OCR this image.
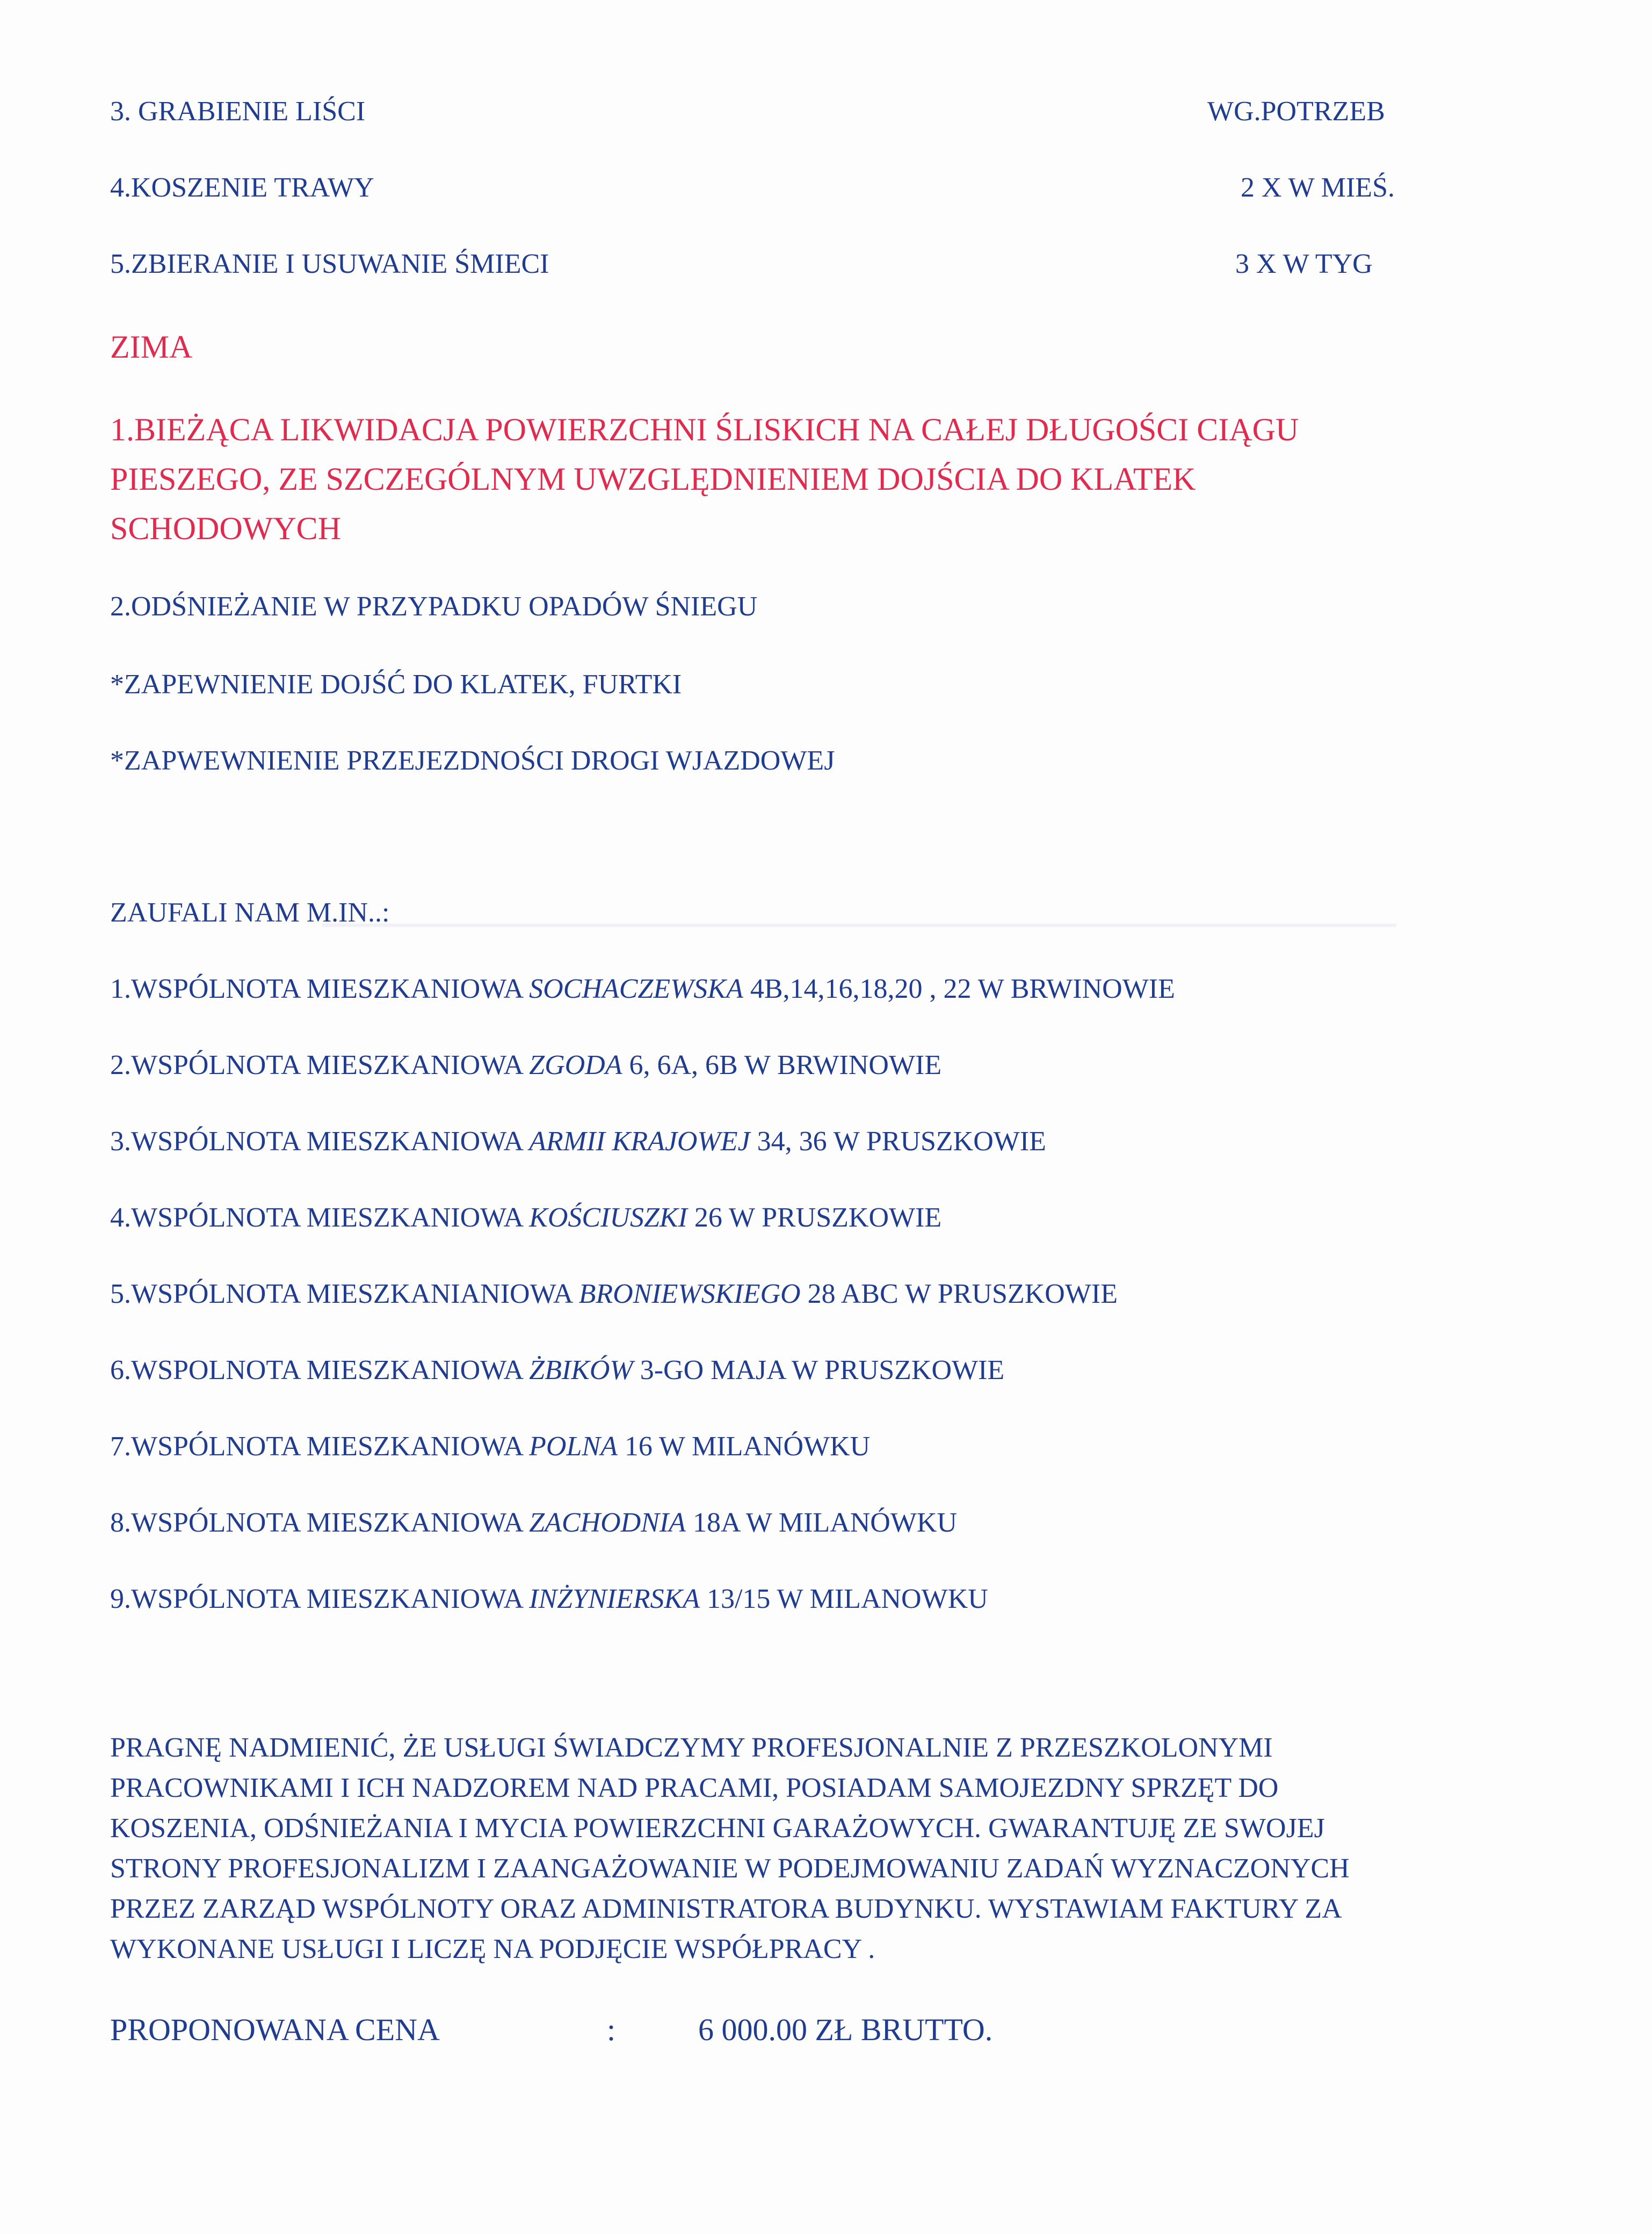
3. GRABIENIE LIŚCI	WG.POTRZEB
4.KOSZENIE TRAWY	2 X W MIEŚ.
5.ZBIERANIE I USUWANIE ŚMIECI	3 X W TYG
ZIMA
1.BIEŻĄCA LIKWIDACJA POWIERZCHNI ŚLISKICH NA CAŁEJ DŁUGOŚCI CIĄGU
PIESZEGO, ZE SZCZEGÓLNYM UWZGLĘDNIENIEM DOJŚCIA DO KLATEK
SCHODOWYCH
2.ODŚNIEŻANIE W PRZYPADKU OPADÓW ŚNIEGU
*ZAPEWNIENIE DOJŚĆ DO KLATEK, FURTKI
*ZAPWEWNIENIE PRZEJEZDNOŚCI DROGI WJAZDOWEJ
ZAUFALI NAM M.IN..:
1.WSPÓLNOTA MIESZKANIOWA SOCHACZEWSKA 4B,14,16,18,20 , 22 W BRWINOWIE
2.WSPÓLNOTA MIESZKANIOWA ZGODA 6, 6A, 6B W BRWINOWIE
3.WSPÓLNOTA MIESZKANIOWA ARMII KRAJOWEJ 34, 36 W PRUSZKOWIE
4.WSPÓLNOTA MIESZKANIOWA KOŚCIUSZKI 26 W PRUSZKOWIE
5.WSPÓLNOTA MIESZKANIANIOWA BRONIEWSKIEGO 28 ABC W PRUSZKOWIE
6.WSPOLNOTA MIESZKANIOWA ŻBIKÓW 3-GO MAJA W PRUSZKOWIE
7.WSPÓLNOTA MIESZKANIOWA POLNA 16 W MILANÓWKU
8.WSPÓLNOTA MIESZKANIOWA ZACHODNIA 18A W MILANÓWKU
9.WSPÓLNOTA MIESZKANIOWA INŻYNIERSKA 13/15 W MILANOWKU
PRAGNĘ NADMIENIĆ, ŻE USŁUGI ŚWIADCZYMY PROFESJONALNIE Z PRZESZKOLONYMI
PRACOWNIKAMI I ICH NADZOREM NAD PRACAMI, POSIADAM SAMOJEZDNY SPRZĘT DO
KOSZENIA, ODŚNIEŻANIA I MYCIA POWIERZCHNI GARAŻOWYCH. GWARANTUJĘ ZE SWOJEJ
STRONY PROFESJONALIZM I ZAANGAŻOWANIE W PODEJMOWANIU ZADAŃ WYZNACZONYCH
PRZEZ ZARZĄD WSPÓLNOTY ORAZ ADMINISTRATORA BUDYNKU. WYSTAWIAM FAKTURY ZA
WYKONANE USŁUGI I LICZĘ NA PODJĘCIE WSPÓŁPRACY .
PROPONOWANA CENA	:	6 000.00 ZŁ BRUTTO.
